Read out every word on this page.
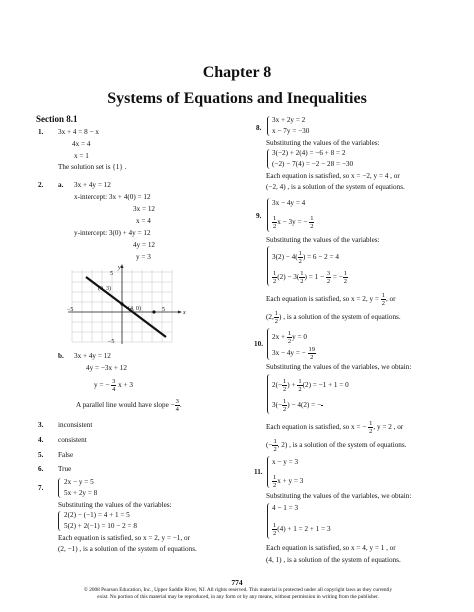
Chapter 8
Systems of Equations and Inequalities
Section 8.1
1. 3x + 4 = 8 − x
4x = 4
x = 1
The solution set is {1} .
2. a. 3x + 4y = 12
x-intercept: 3x + 4(0) = 12
3x = 12
x = 4
y-intercept: 3(0) + 4y = 12
4y = 12
y = 3
y
5
(0, 3)
(4, 0)
−5	5	x
−5
b. 3x + 4y = 12
4y = −3x + 12
y = − $\frac{3}{4}$ x + 3
A parallel line would have slope − $\frac{3}{4}$ .
3. inconsistent
4. consistent
5. False
6. True
7.
2x − y = 5
5x + 2y = 8
Substituting the values of the variables:
2(2) − (−1) = 4 + 1 = 5
5(2) + 2(−1) = 10 − 2 = 8
Each equation is satisfied, so x = 2, y = −1, or
(2, −1) , is a solution of the system of equations.
8.
3x + 2y = 2
x − 7y = −30
Substituting the values of the variables:
3(−2) + 2(4) = −6 + 8 = 2
(−2) − 7(4) = −2 − 28 = −30
Each equation is satisfied, so x = −2, y = 4 , or
(−2, 4) , is a solution of the system of equations.
9.
3x − 4y = 4
$\frac{1}{2}$ x − 3y = − $\frac{1}{2}$
Substituting the values of the variables:
$3(2) - 4( \frac{1}{2}$ ) = 6 − 2 = 4
$\frac{1}{2} (2) - 3( \frac{1}{2}$ ) = $1 - \frac{3}{2}$ = − $\frac{1}{2}$
Each equation is satisfied, so x = 2, $y = \frac{1}{2}$ , or
(2, $\frac{1}{2}$ ) , is a solution of the system of equations.
10.
$2x + \frac{1}{2}$ y = 0
3x − 4y = − $\frac{19}{2}$
Substituting the values of the variables, we obtain:
$2(- \frac{1}{2}$ ) + $\frac{1}{2} (2) = -1 + 1 = 0$
$3(- \frac{1}{2}$ ) − 4(2) = −
Each equation is satisfied, so x = − $\frac{1}{2}$ , y = 2 , or
(− $\frac{1}{2}$ , 2) , is a solution of the system of equations.
11.
x − y = 3
$\frac{1}{2}$ x + y = 3
Substituting the values of the variables, we obtain:
4 − 1 = 3
$\frac{1}{2} (4) + 1 = 2 + 1 = 3$
Each equation is satisfied, so x = 4, y = 1 , or
(4, 1) , is a solution of the system of equations.
774
© 2008 Pearson Education, Inc., Upper Saddle River, NJ. All rights reserved. This material is protected under all copyright laws as they currently
exist. No portion of this material may be reproduced, in any form or by any means, without permission in writing from the publisher.
